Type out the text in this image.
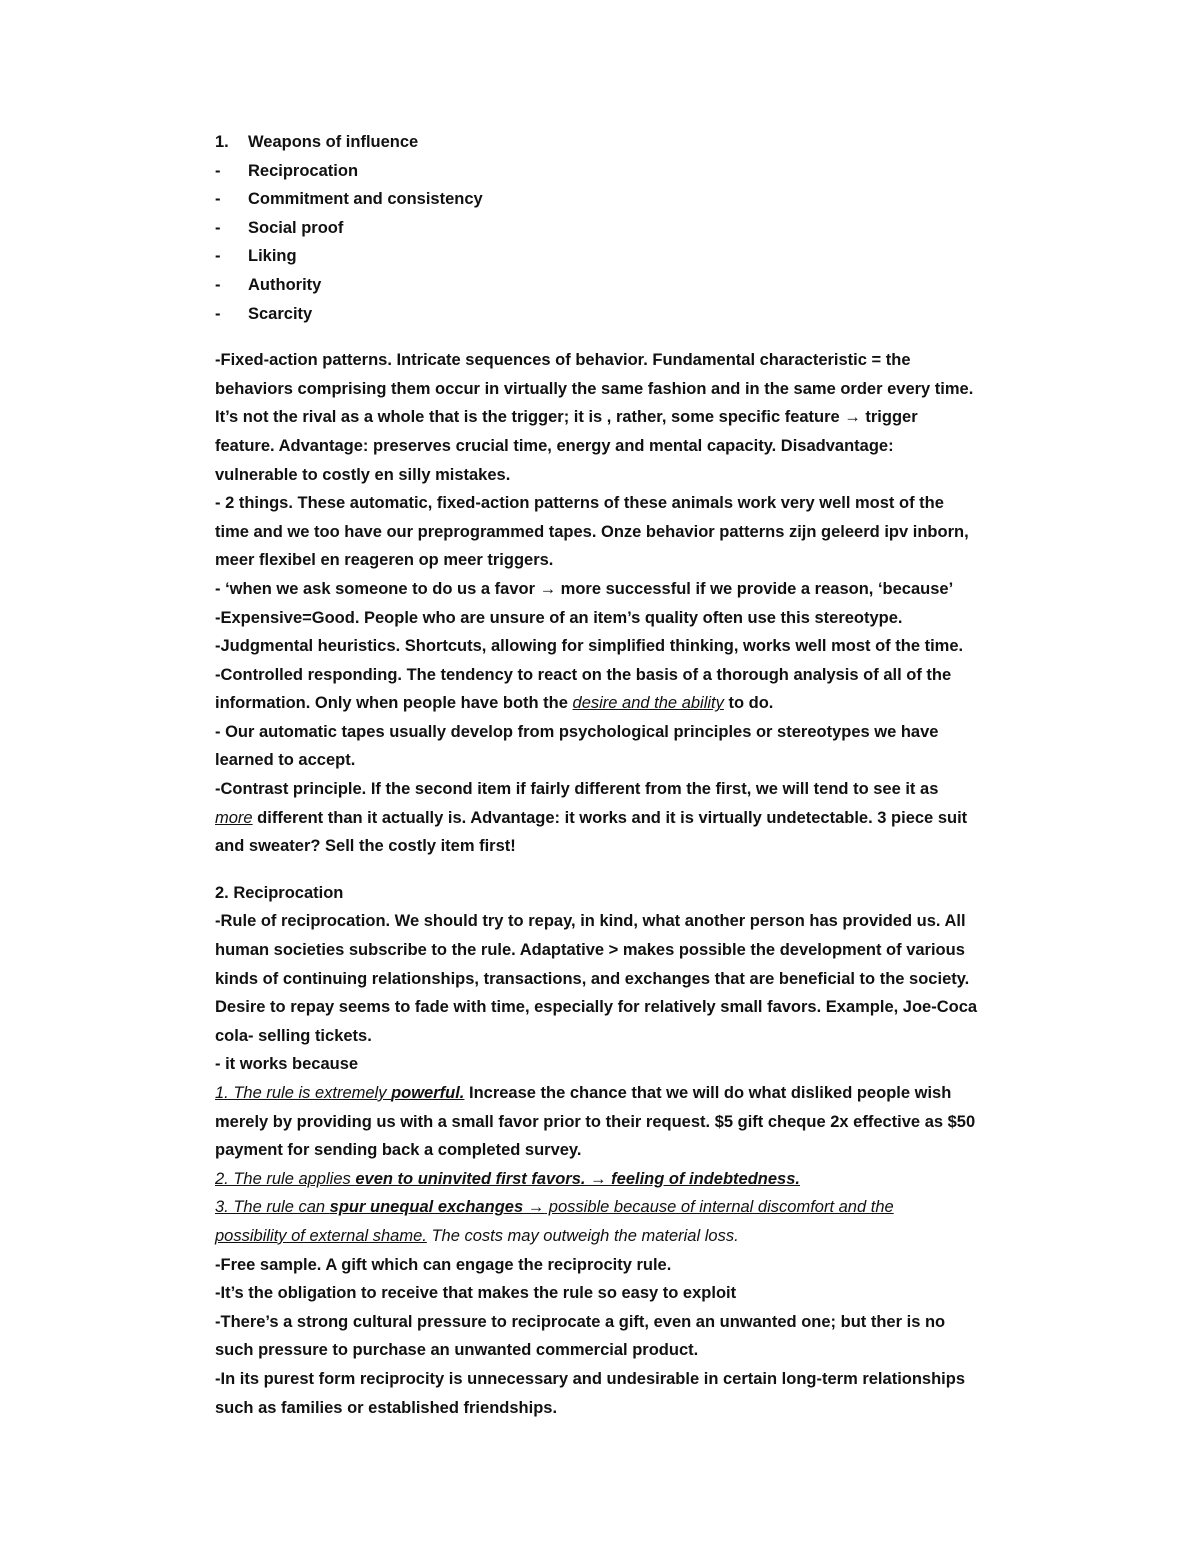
1.	Weapons of influence
-	Reciprocation
-	Commitment and consistency
-	Social proof
-	Liking
-	Authority
-	Scarcity
-Fixed-action patterns. Intricate sequences of behavior. Fundamental characteristic = the
behaviors comprising them occur in virtually the same fashion and in the same order every time.
It’s not the rival as a whole that is the trigger; it is , rather, some specific feature → trigger
feature. Advantage: preserves crucial time, energy and mental capacity. Disadvantage:
vulnerable to costly en silly mistakes.
- 2 things. These automatic, fixed-action patterns of these animals work very well most of the
time and we too have our preprogrammed tapes. Onze behavior patterns zijn geleerd ipv inborn,
meer flexibel en reageren op meer triggers.
- ‘when we ask someone to do us a favor → more successful if we provide a reason, ‘because’
-Expensive=Good. People who are unsure of an item’s quality often use this stereotype.
-Judgmental heuristics. Shortcuts, allowing for simplified thinking, works well most of the time.
-Controlled responding. The tendency to react on the basis of a thorough analysis of all of the
information. Only when people have both the desire and the ability to do.
- Our automatic tapes usually develop from psychological principles or stereotypes we have
learned to accept.
-Contrast principle. If the second item if fairly different from the first, we will tend to see it as
more different than it actually is. Advantage: it works and it is virtually undetectable. 3 piece suit
and sweater? Sell the costly item first!
2. Reciprocation
-Rule of reciprocation. We should try to repay, in kind, what another person has provided us. All
human societies subscribe to the rule. Adaptative > makes possible the development of various
kinds of continuing relationships, transactions, and exchanges that are beneficial to the society.
Desire to repay seems to fade with time, especially for relatively small favors. Example, Joe-Coca
cola- selling tickets.
- it works because
1. The rule is extremely powerful. Increase the chance that we will do what disliked people wish
merely by providing us with a small favor prior to their request. $5 gift cheque 2x effective as $50
payment for sending back a completed survey.
2. The rule applies even to uninvited first favors. → feeling of indebtedness.
3. The rule can spur unequal exchanges → possible because of internal discomfort and the
possibility of external shame. The costs may outweigh the material loss.
-Free sample. A gift which can engage the reciprocity rule.
-It’s the obligation to receive that makes the rule so easy to exploit
-There’s a strong cultural pressure to reciprocate a gift, even an unwanted one; but ther is no
such pressure to purchase an unwanted commercial product.
-In its purest form reciprocity is unnecessary and undesirable in certain long-term relationships
such as families or established friendships.
